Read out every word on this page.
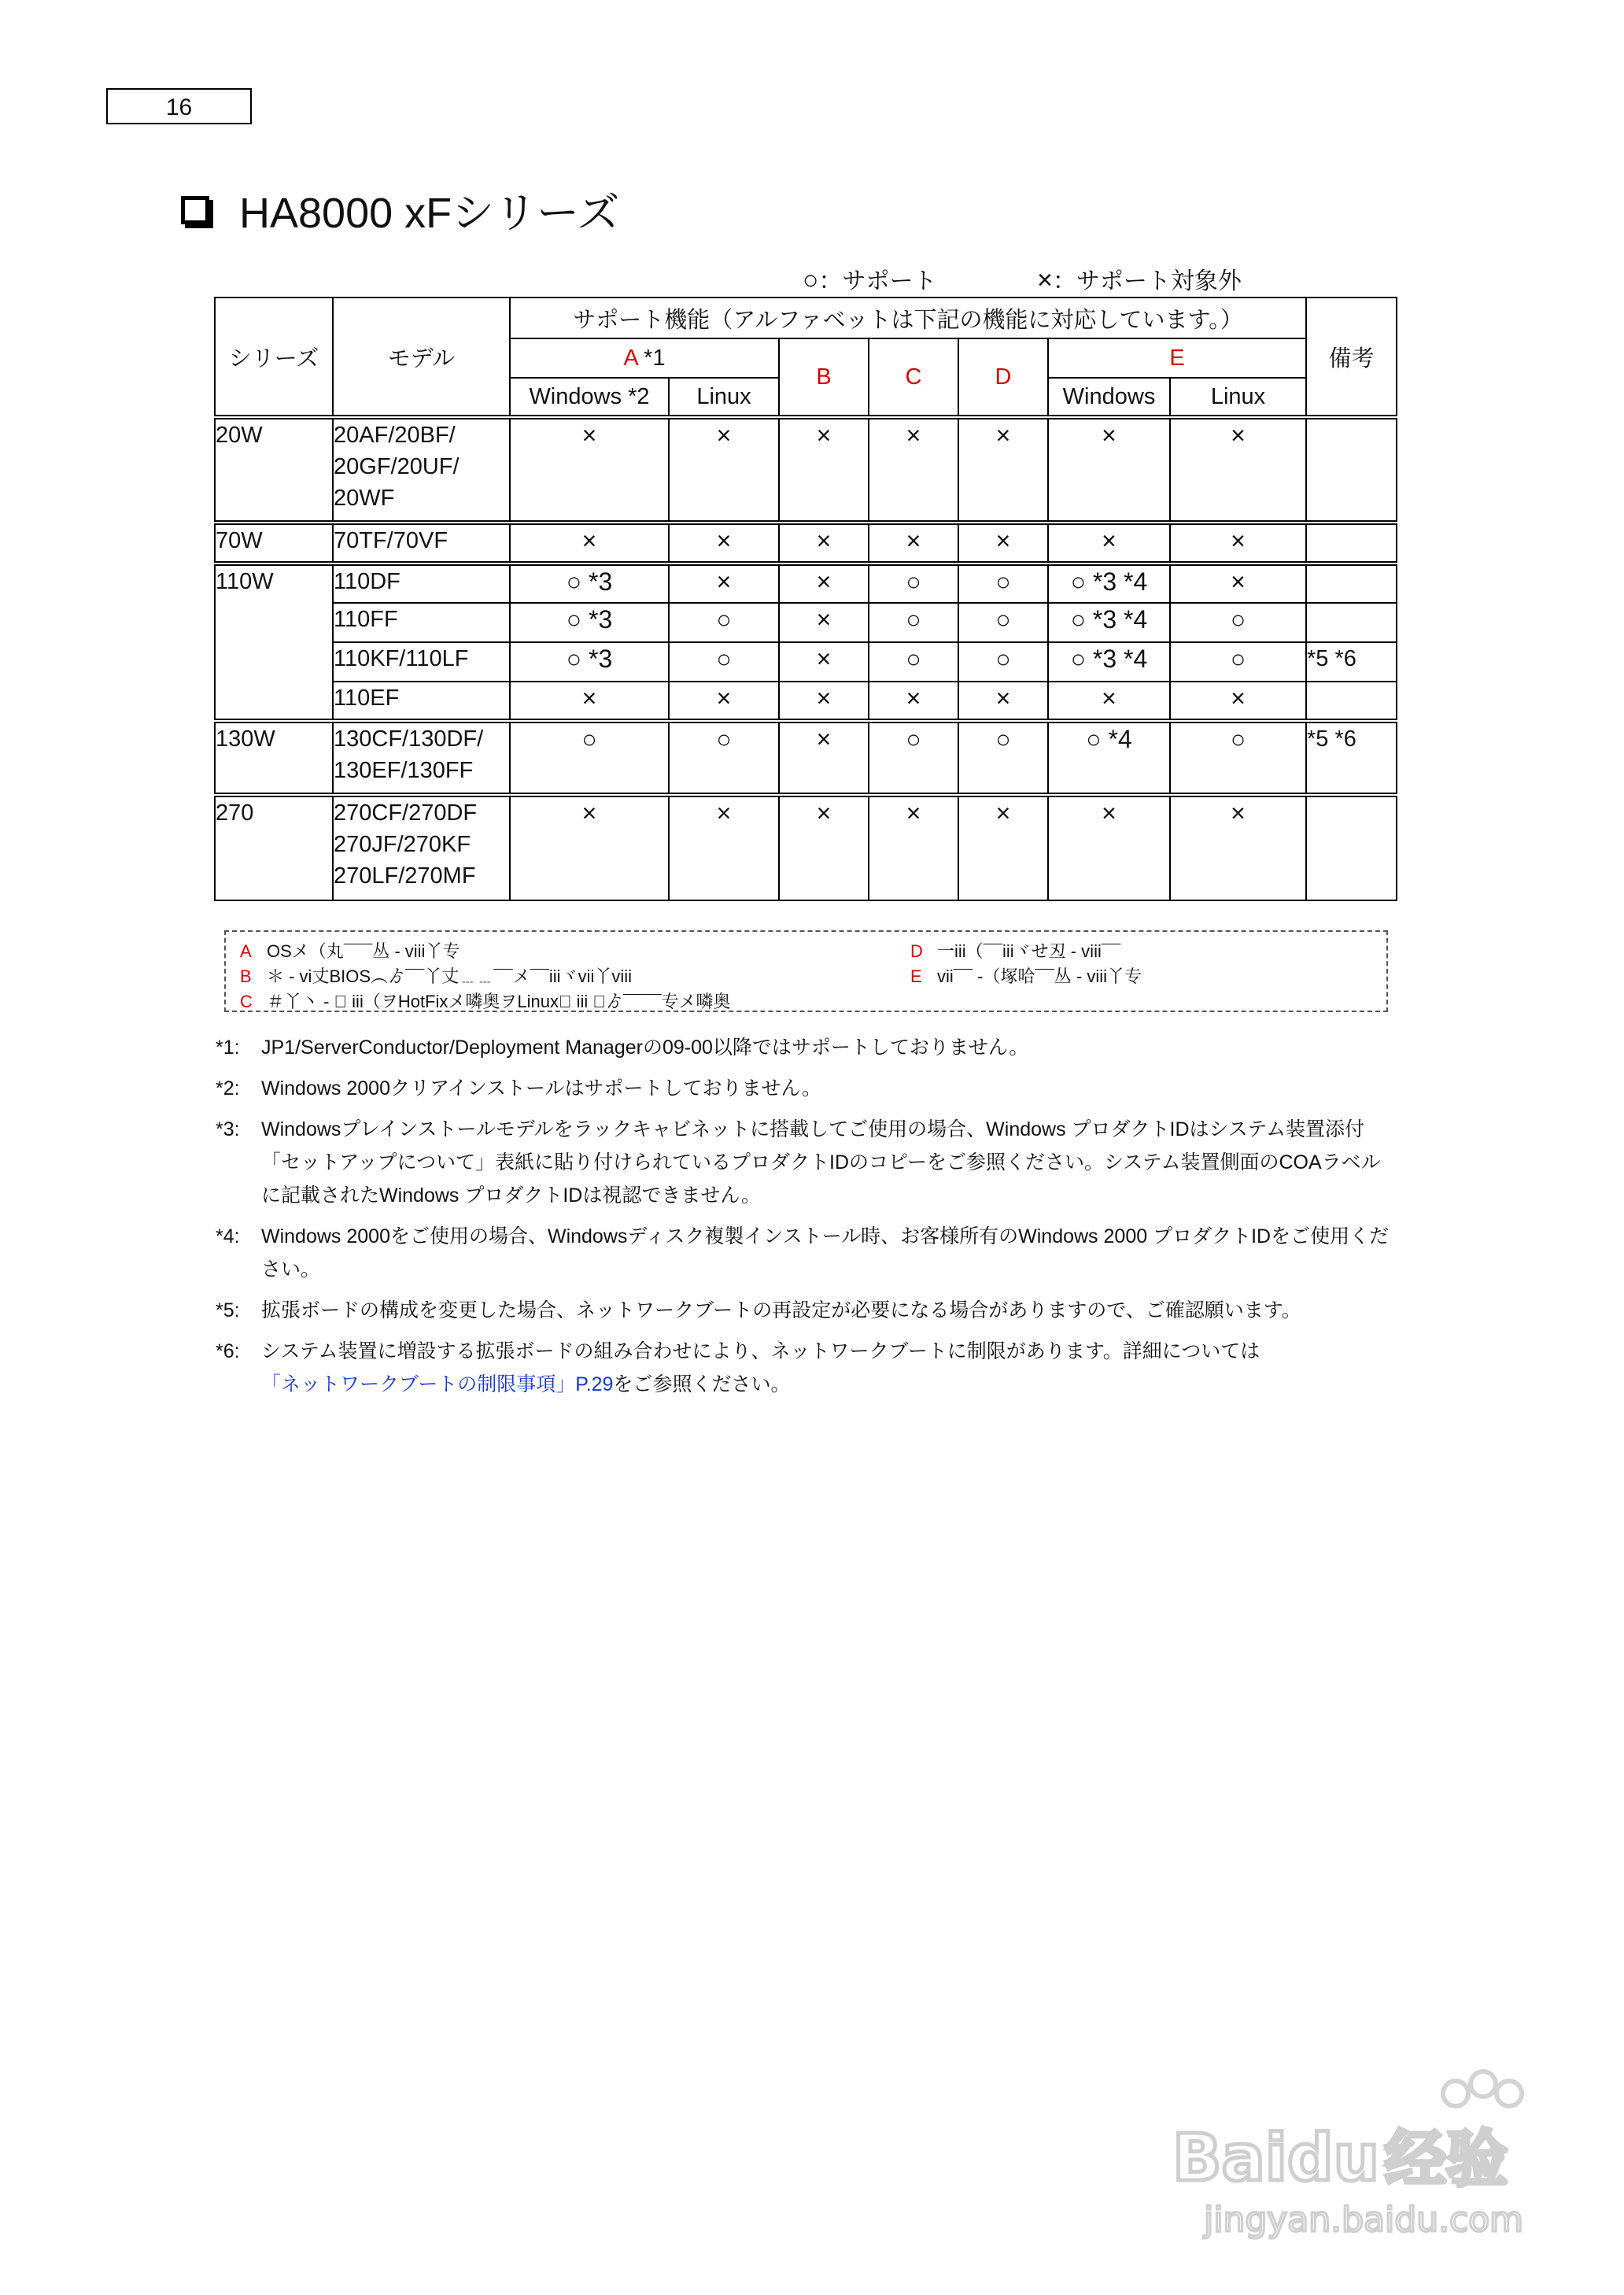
16
HA8000 xFシリーズ
○：サポート	×：サポート対象外
シリーズ	モデル	サポート機能（アルファベットは下記の機能に対応しています。）							備考
		A *1		B	C	D	E		
		Windows *2	Linux				Windows	Linux	
20W	20AF/20BF/
20GF/20UF/
20WF	×	×	×	×	×	×	×	
70W	70TF/70VF	×	×	×	×	×	×	×	
110W	110DF	○ *3	×	×	○	○	○ *3 *4	×	
	110FF	○ *3	○	×	○	○	○ *3 *4	○	
	110KF/110LF	○ *3	○	×	○	○	○ *3 *4	○	*5 *6
	110EF	×	×	×	×	×	×	×	
130W	130CF/130DF/
130EF/130FF	○	○	×	○	○	○ *4	○	*5 *6
270	270CF/270DF
270JF/270KF
270LF/270MF	×	×	×	×	×	×	×	
A OSメ（丸¯¯¯丛 - viii丫专
B ＊ - vi丈BIOS︵ゟ¯¯丫丈﹍﹍¯¯メ¯¯iiiヾvii丫viii
C ＃丫丶 - ゙ iii（ヲHotFixメ噒奥ヲLinux゙ iii ｉゟ¯¯¯¯专メ噒奥
D 一iii（¯¯iiiヾせ丒 - viii¯¯
E vii¯¯ -（塚哈¯¯丛 - viii丫专
*1:	JP1/ServerConductor/Deployment Managerの09-00以降ではサポートしておりません。
*2:	Windows 2000クリアインストールはサポートしておりません。
*3:	Windowsプレインストールモデルをラックキャビネットに搭載してご使用の場合、Windows プロダクトIDはシステム装置添付「セットアップについて」表紙に貼り付けられているプロダクトIDのコピーをご参照ください。システム装置側面のCOAラベルに記載されたWindows プロダクトIDは視認できません。
*4:	Windows 2000をご使用の場合、Windowsディスク複製インストール時、お客様所有のWindows 2000 プロダクトIDをご使用ください。
*5:	拡張ボードの構成を変更した場合、ネットワークブートの再設定が必要になる場合がありますので、ご確認願います。
*6:	システム装置に増設する拡張ボードの組み合わせにより、ネットワークブートに制限があります。詳細については
「ネットワークブートの制限事項」P.29をご参照ください。
Baidu 经验
jingyan.baidu.com
